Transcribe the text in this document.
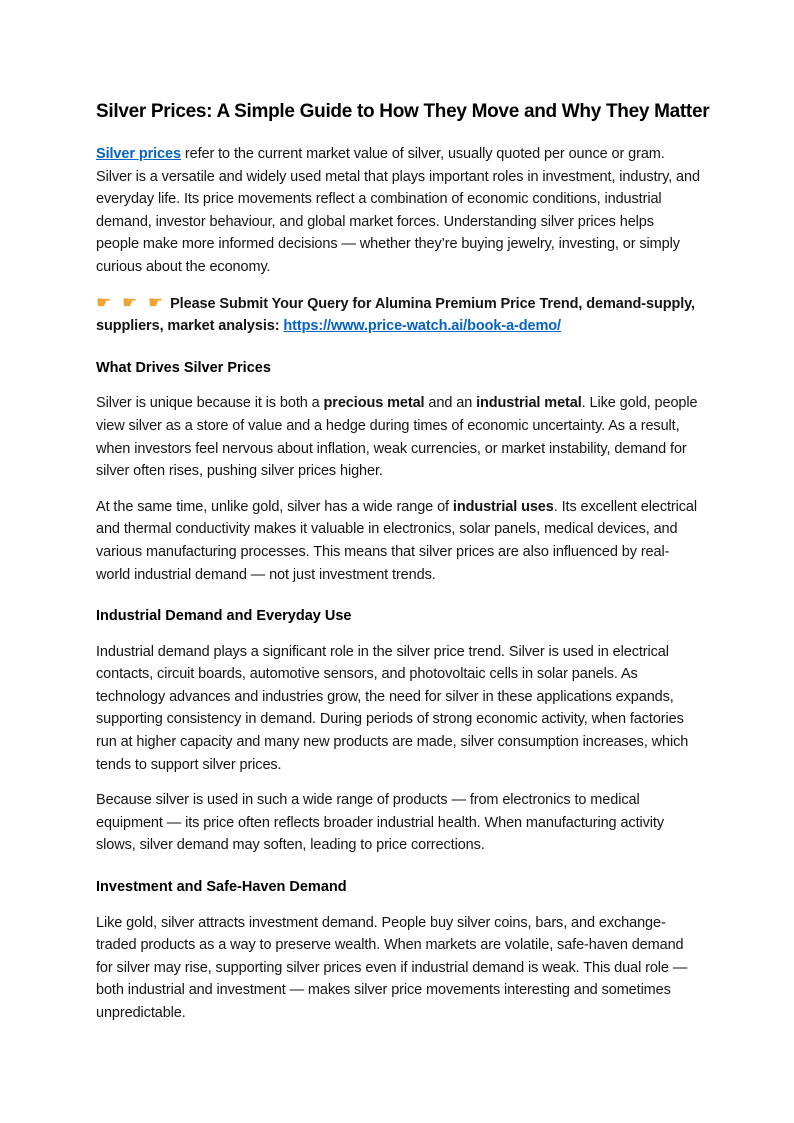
Silver Prices: A Simple Guide to How They Move and Why They Matter

Silver prices refer to the current market value of silver, usually quoted per ounce or gram. Silver is a versatile and widely used metal that plays important roles in investment, industry, and everyday life. Its price movements reflect a combination of economic conditions, industrial demand, investor behaviour, and global market forces. Understanding silver prices helps people make more informed decisions — whether they’re buying jewelry, investing, or simply curious about the economy.

☛ ☛ ☛ Please Submit Your Query for Alumina Premium Price Trend, demand-supply, suppliers, market analysis: https://www.price-watch.ai/book-a-demo/

What Drives Silver Prices

Silver is unique because it is both a precious metal and an industrial metal. Like gold, people view silver as a store of value and a hedge during times of economic uncertainty. As a result, when investors feel nervous about inflation, weak currencies, or market instability, demand for silver often rises, pushing silver prices higher.

At the same time, unlike gold, silver has a wide range of industrial uses. Its excellent electrical and thermal conductivity makes it valuable in electronics, solar panels, medical devices, and various manufacturing processes. This means that silver prices are also influenced by real-world industrial demand — not just investment trends.

Industrial Demand and Everyday Use

Industrial demand plays a significant role in the silver price trend. Silver is used in electrical contacts, circuit boards, automotive sensors, and photovoltaic cells in solar panels. As technology advances and industries grow, the need for silver in these applications expands, supporting consistency in demand. During periods of strong economic activity, when factories run at higher capacity and many new products are made, silver consumption increases, which tends to support silver prices.

Because silver is used in such a wide range of products — from electronics to medical equipment — its price often reflects broader industrial health. When manufacturing activity slows, silver demand may soften, leading to price corrections.

Investment and Safe-Haven Demand

Like gold, silver attracts investment demand. People buy silver coins, bars, and exchange-traded products as a way to preserve wealth. When markets are volatile, safe-haven demand for silver may rise, supporting silver prices even if industrial demand is weak. This dual role — both industrial and investment — makes silver price movements interesting and sometimes unpredictable.
